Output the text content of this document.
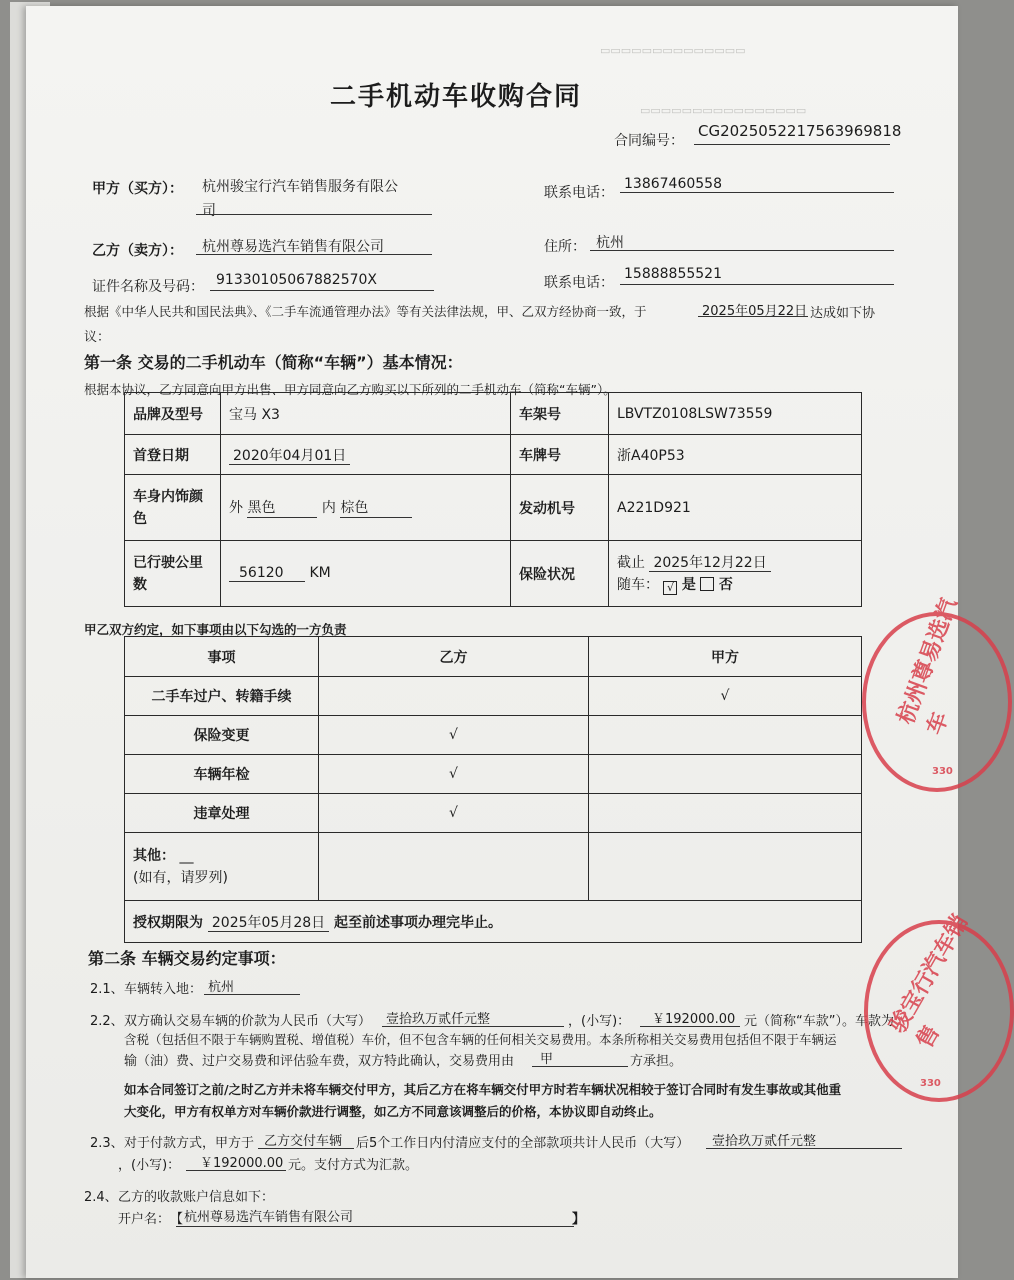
▭▭▭▭▭▭▭▭▭▭▭▭▭▭
▭▭▭▭▭▭▭▭▭▭▭▭▭▭▭▭
二手机动车收购合同
合同编号：
CG2025052217563969818
甲方（买方）： 杭州骏宝行汽车销售服务有限公
司
联系电话：
13867460558
乙方（卖方）： 杭州尊易选汽车销售有限公司	住所： 杭州
证件名称及号码： 91330105067882570X	联系电话：
15888855521
根据《中华人民共和国民法典》、《二手车流通管理办法》等有关法律法规，甲、乙双方经协商一致，于	2025年05月22日 达成如下协
议：
第一条 交易的二手机动车（简称“车辆”）基本情况：
根据本协议，乙方同意向甲方出售、甲方同意向乙方购买以下所列的二手机动车（简称“车辆”）。
品牌及型号	宝马 X3	车架号	LBVTZ0108LSW73559
首登日期	2020年04月01日	车牌号	浙A40P53
车身内饰颜色	外 黑色 内 棕色	发动机号	A221D921
已行驶公里数	56120 KM	保险状况	截止 2025年12月22日
随车： √ 是 否
甲乙双方约定，如下事项由以下勾选的一方负责
事项	乙方	甲方
二手车过户、转籍手续		√
保险变更	√	
车辆年检	√	
违章处理	√	

其他： __
(如有，请罗列)		

授权期限为 2025年05月28日 起至前述事项办理完毕止。		
第二条 车辆交易约定事项：
2.1、 车辆转入地： 杭州
2.2、 双方确认交易车辆的价款为人民币（大写） 壹拾玖万贰仟元整	，(小写)： ￥192000.00 元（简称“车款”）。车款为
含税（包括但不限于车辆购置税、增值税）车价，但不包含车辆的任何相关交易费用。本条所称相关交易费用包括但不限于车辆运
输（油）费、过户交易费和评估验车费，双方特此确认，交易费用由 甲	方承担。
如本合同签订之前/之时乙方并未将车辆交付甲方，其后乙方在将车辆交付甲方时若车辆状况相较于签订合同时有发生事故或其他重
大变化，甲方有权单方对车辆价款进行调整，如乙方不同意该调整后的价格，本协议即自动终止。
2.3、 对于付款方式，甲方于 乙方交付车辆 后5个工作日内付清应支付的全部款项共计人民币（大写） 壹拾玖万贰仟元整
，(小写)： ￥192000.00 元。支付方式为汇款。
2.4、 乙方的收款账户信息如下：
开户名： 【 杭州尊易选汽车销售有限公司	】
杭州尊易选汽车
330
骏宝行汽车销售
330
